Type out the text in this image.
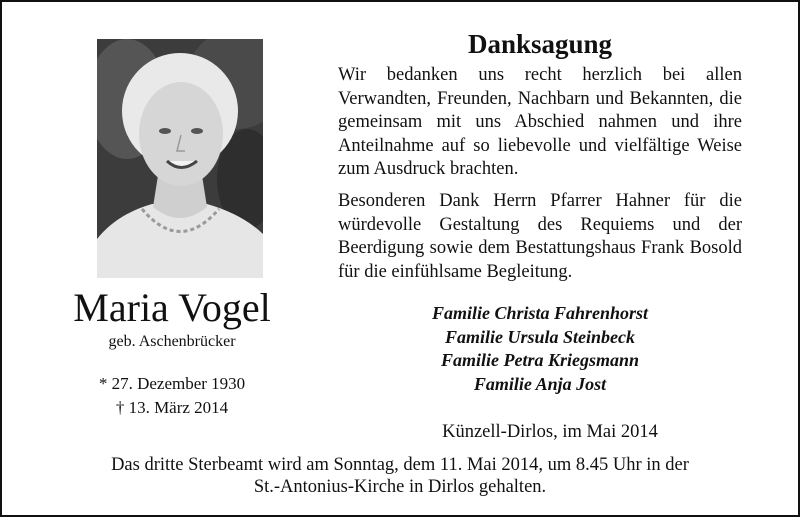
Maria Vogel
geb. Aschenbrücker
* 27. Dezember 1930
† 13. März 2014
Danksagung
Wir bedanken uns recht herzlich bei allen Verwandten, Freunden, Nachbarn und Bekannten, die gemeinsam mit uns Abschied nahmen und ihre Anteilnahme auf so liebevolle und vielfältige Weise zum Ausdruck brachten.
Besonderen Dank Herrn Pfarrer Hahner für die würdevolle Gestaltung des Requiems und der Beerdigung sowie dem Bestattungshaus Frank Bosold für die einfühlsame Begleitung.
Familie Christa Fahrenhorst
Familie Ursula Steinbeck
Familie Petra Kriegsmann
Familie Anja Jost
Künzell-Dirlos, im Mai 2014
Das dritte Sterbeamt wird am Sonntag, dem 11. Mai 2014, um 8.45 Uhr in der
St.-Antonius-Kirche in Dirlos gehalten.
